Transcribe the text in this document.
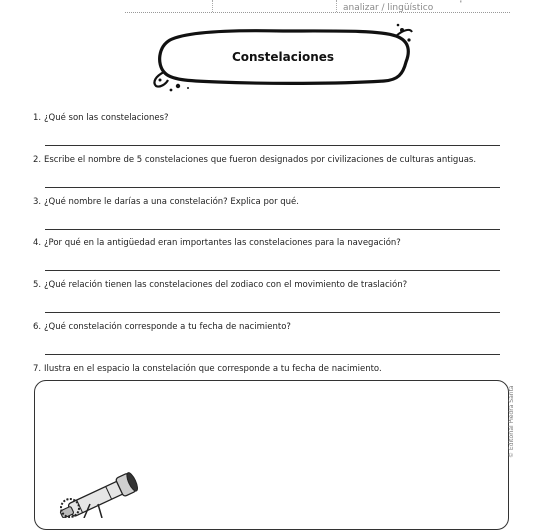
'
analizar / lingüístico
Constelaciones
1. ¿Qué son las constelaciones?
2. Escribe el nombre de 5 constelaciones que fueron designados por civilizaciones de culturas antiguas.
3. ¿Qué nombre le darías a una constelación? Explica por qué.
4. ¿Por qué en la antigüedad eran importantes las constelaciones para la navegación?
5. ¿Qué relación tienen las constelaciones del zodiaco con el movimiento de traslación?
6. ¿Qué constelación corresponde a tu fecha de nacimiento?
7. Ilustra en el espacio la constelación que corresponde a tu fecha de nacimiento.
© Editorial Piedra Santa
